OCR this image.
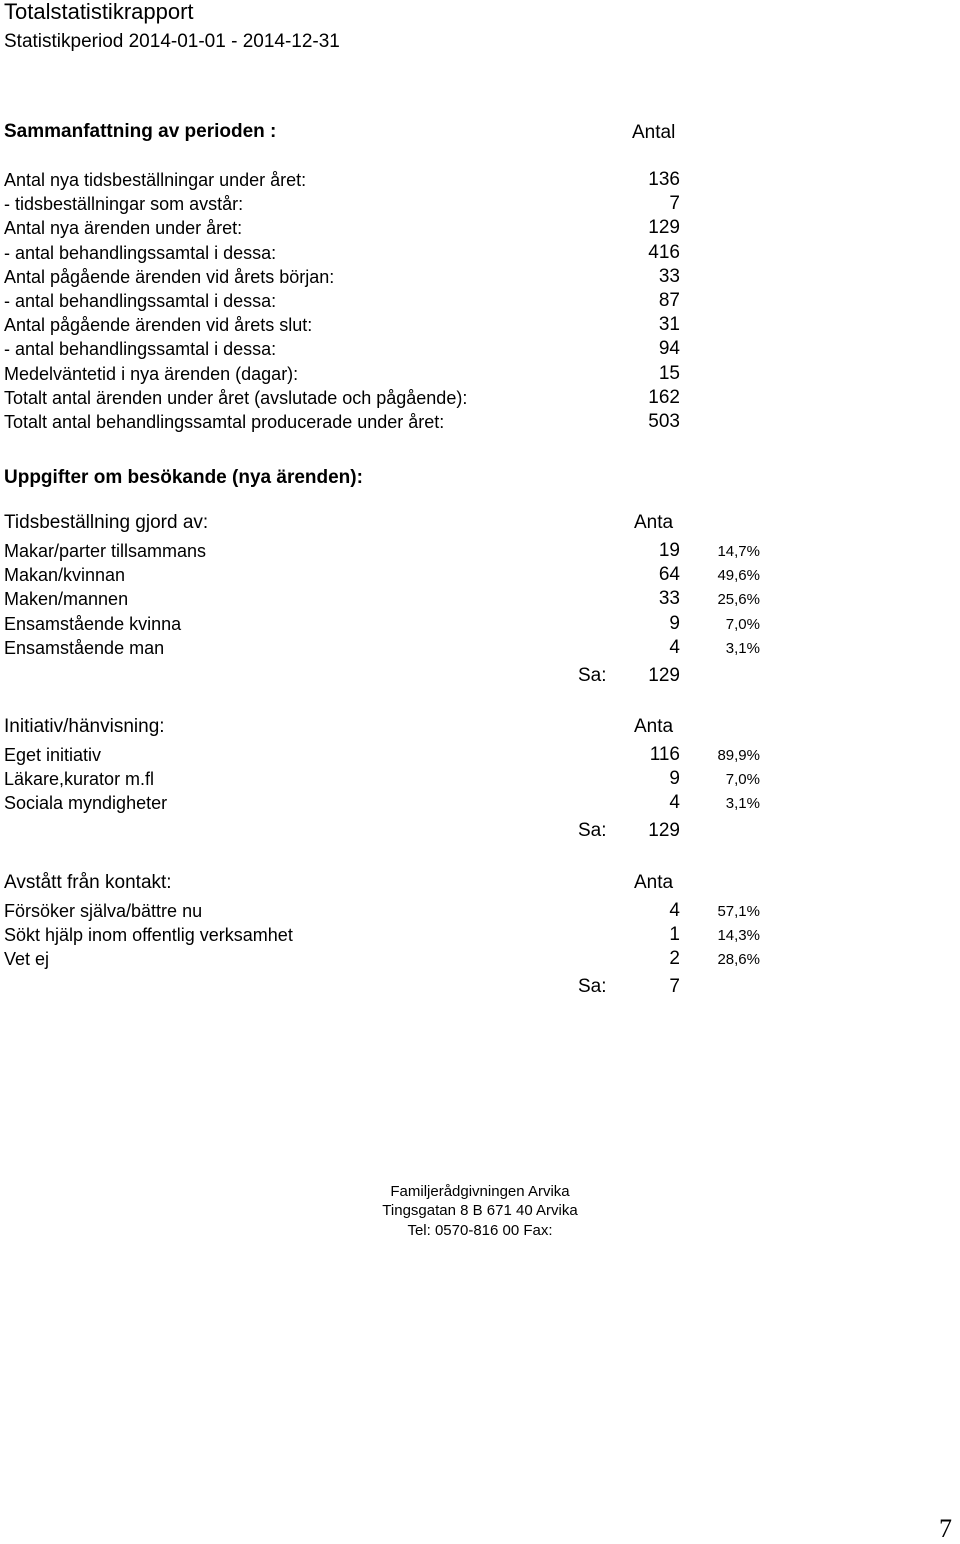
Totalstatistikrapport
Statistikperiod 2014-01-01 - 2014-12-31
Sammanfattning av perioden :	Antal
Antal nya tidsbeställningar under året:	136
- tidsbeställningar som avstår:	7
Antal nya ärenden under året:	129
- antal behandlingssamtal i dessa:	416
Antal pågående ärenden vid årets början:	33
- antal behandlingssamtal i dessa:	87
Antal pågående ärenden vid årets slut:	31
- antal behandlingssamtal i dessa:	94
Medelväntetid i nya ärenden (dagar):	15
Totalt antal ärenden under året (avslutade och pågående):	162
Totalt antal behandlingssamtal producerade under året:	503
Uppgifter om besökande (nya ärenden):
Tidsbeställning gjord av:	Anta
Makar/parter tillsammans	19	14,7%
Makan/kvinnan	64	49,6%
Maken/mannen	33	25,6%
Ensamstående kvinna	9	7,0%
Ensamstående man	4	3,1%
Sa:	129
Initiativ/hänvisning:	Anta
Eget initiativ	116	89,9%
Läkare,kurator m.fl	9	7,0%
Sociala myndigheter	4	3,1%
Sa:	129
Avstått från kontakt:	Anta
Försöker själva/bättre nu	4	57,1%
Sökt hjälp inom offentlig verksamhet	1	14,3%
Vet ej	2	28,6%
Sa:	7
Familjerådgivningen Arvika
Tingsgatan 8 B 671 40 Arvika
Tel: 0570-816 00 Fax:
7
